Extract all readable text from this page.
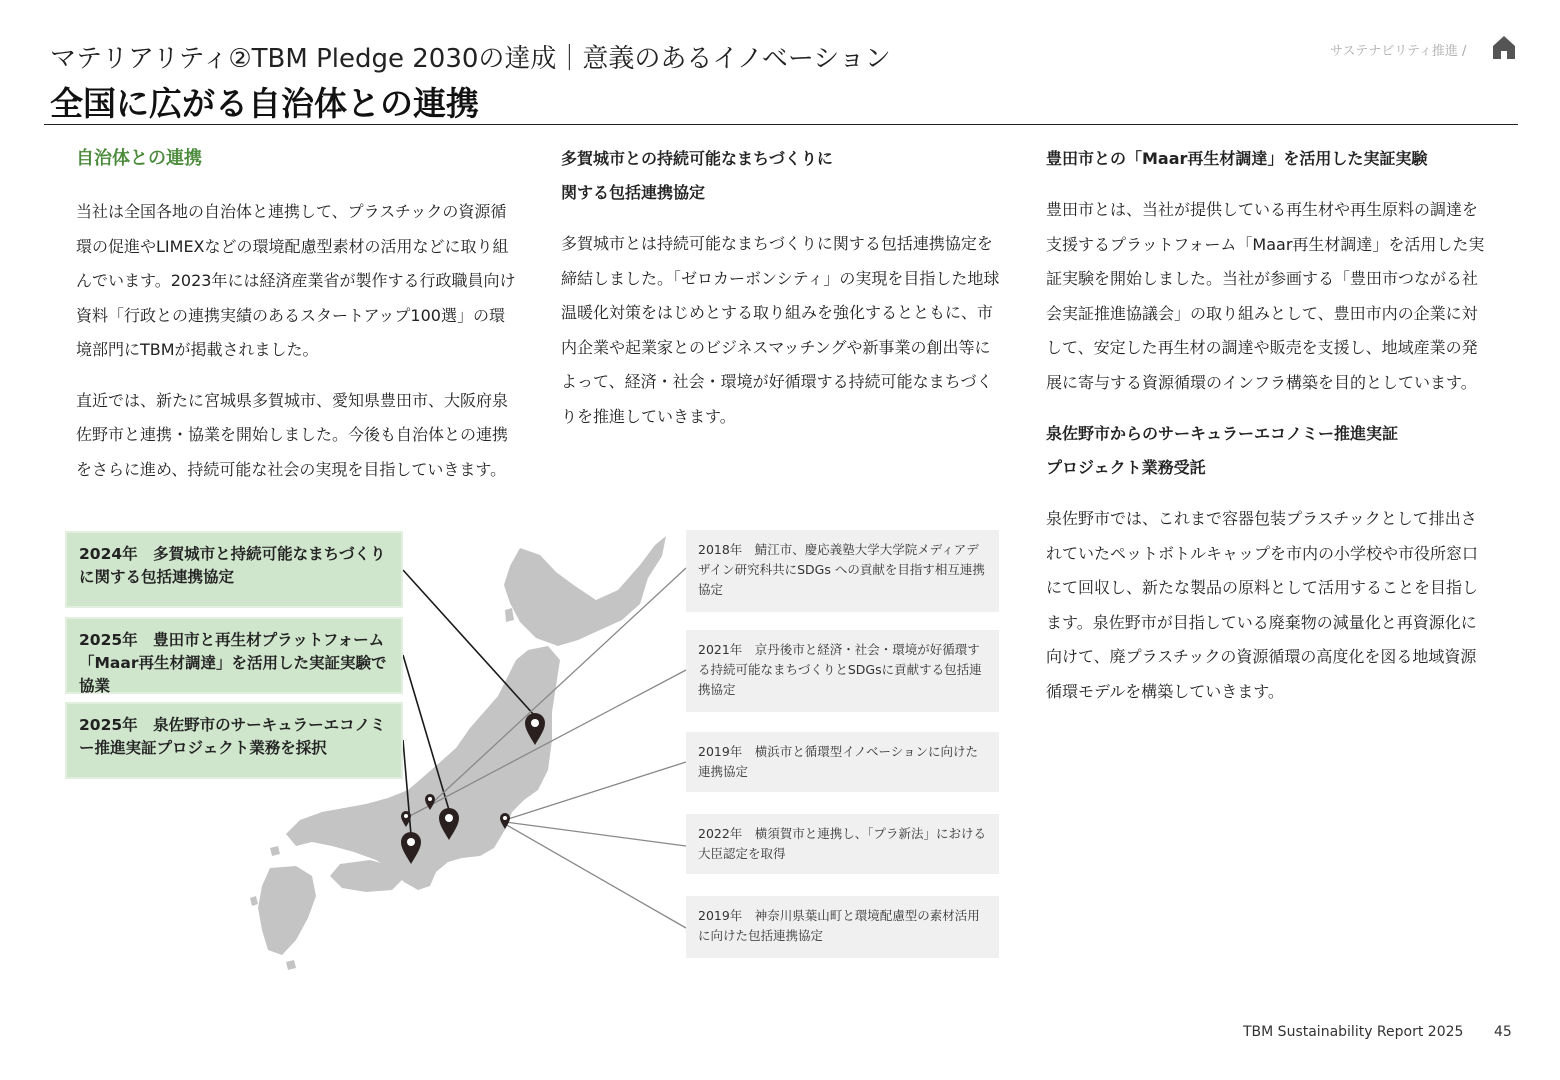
マテリアリティ②TBM Pledge 2030の達成｜意義のあるイノベーション
全国に広がる自治体との連携
サステナビリティ推進 /
自治体との連携
当社は全国各地の自治体と連携して、プラスチックの資源循環の促進やLIMEXなどの環境配慮型素材の活用などに取り組んでいます。2023年には経済産業省が製作する行政職員向け資料「行政との連携実績のあるスタートアップ100選」の環境部門にTBMが掲載されました。
直近では、新たに宮城県多賀城市、愛知県豊田市、大阪府泉佐野市と連携・協業を開始しました。今後も自治体との連携をさらに進め、持続可能な社会の実現を目指していきます。
多賀城市との持続可能なまちづくりに
関する包括連携協定
多賀城市とは持続可能なまちづくりに関する包括連携協定を締結しました。「ゼロカーボンシティ」の実現を目指した地球温暖化対策をはじめとする取り組みを強化するとともに、市内企業や起業家とのビジネスマッチングや新事業の創出等によって、経済・社会・環境が好循環する持続可能なまちづくりを推進していきます。
豊田市との「Maar再生材調達」を活用した実証実験
豊田市とは、当社が提供している再生材や再生原料の調達を支援するプラットフォーム「Maar再生材調達」を活用した実証実験を開始しました。当社が参画する「豊田市つながる社会実証推進協議会」の取り組みとして、豊田市内の企業に対して、安定した再生材の調達や販売を支援し、地域産業の発展に寄与する資源循環のインフラ構築を目的としています。
泉佐野市からのサーキュラーエコノミー推進実証
プロジェクト業務受託
泉佐野市では、これまで容器包装プラスチックとして排出されていたペットボトルキャップを市内の小学校や市役所窓口にて回収し、新たな製品の原料として活用することを目指します。泉佐野市が目指している廃棄物の減量化と再資源化に向けて、廃プラスチックの資源循環の高度化を図る地域資源循環モデルを構築していきます。
2024年　多賀城市と持続可能なまちづくりに関する包括連携協定
2025年　豊田市と再生材プラットフォーム「Maar再生材調達」を活用した実証実験で協業
2025年　泉佐野市のサーキュラーエコノミー推進実証プロジェクト業務を採択
2018年　鯖江市、慶応義塾大学大学院メディアデザイン研究科共にSDGs への貢献を目指す相互連携協定
2021年　京丹後市と経済・社会・環境が好循環する持続可能なまちづくりとSDGsに貢献する包括連携協定
2019年　横浜市と循環型イノベーションに向けた連携協定
2022年　横須賀市と連携し、「プラ新法」における大臣認定を取得
2019年　神奈川県葉山町と環境配慮型の素材活用に向けた包括連携協定
TBM Sustainability Report 2025 45
